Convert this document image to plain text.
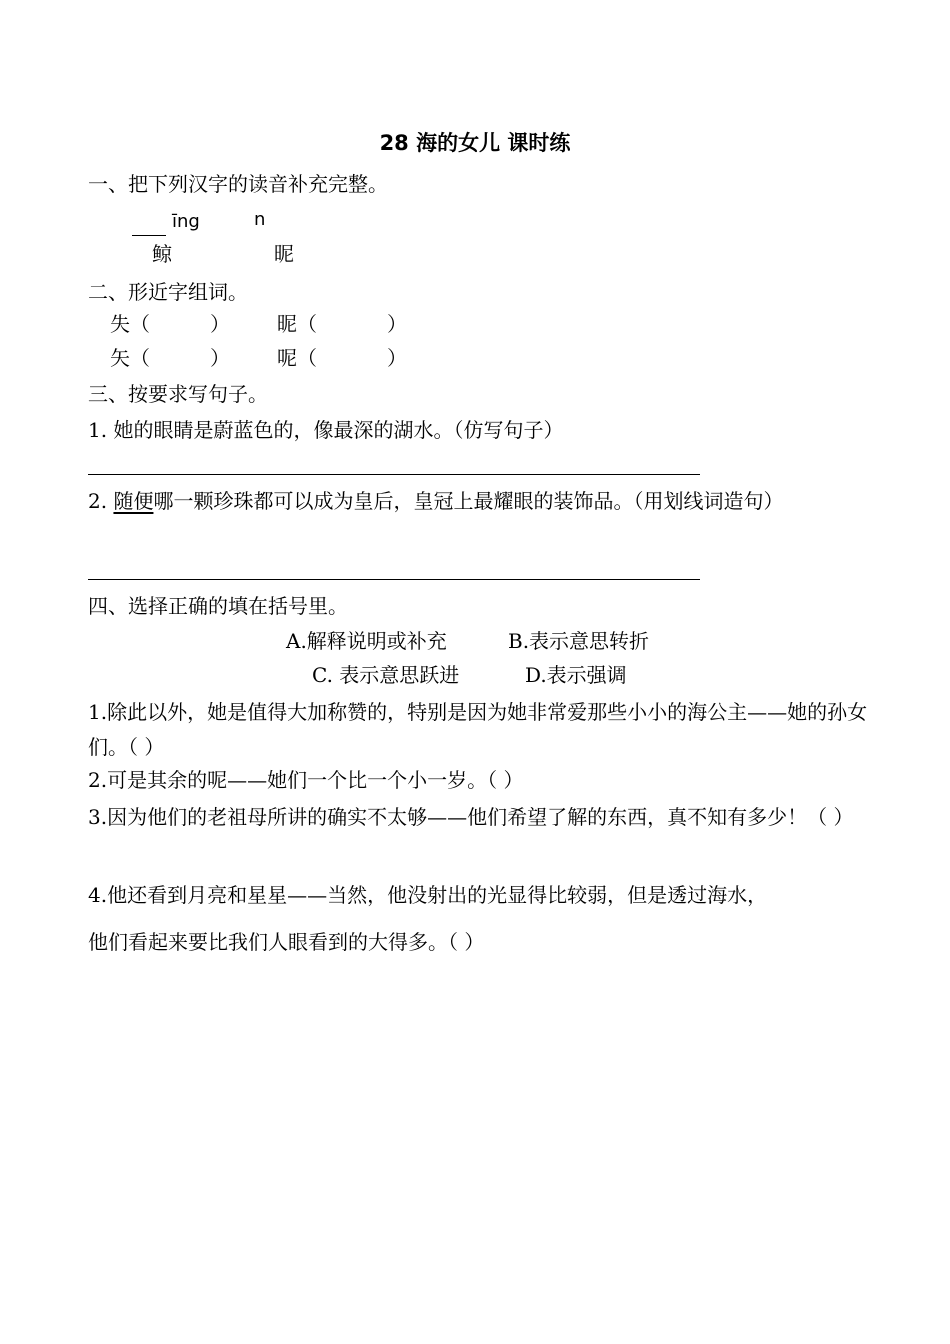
28 海的女儿 课时练
一、把下列汉字的读音补充完整。
īng	n
鲸	昵
二、形近字组词。
失（	） 昵（	）
矢（	） 呢（	）
三、按要求写句子。
1. 她的眼睛是蔚蓝色的，像最深的湖水。（仿写句子）
2. 随便哪一颗珍珠都可以成为皇后，皇冠上最耀眼的装饰品。（用划线词造句）
四、选择正确的填在括号里。
A.解释说明或补充	B.表示意思转折
C. 表示意思跃进	D.表示强调
1.除此以外，她是值得大加称赞的，特别是因为她非常爱那些小小的海公主——她的孙女们。（ ）
2.可是其余的呢——她们一个比一个小一岁。（ ）
3.因为他们的老祖母所讲的确实不太够——他们希望了解的东西，真不知有多少！（ ）
4.他还看到月亮和星星——当然，他没射出的光显得比较弱，但是透过海水，
他们看起来要比我们人眼看到的大得多。（ ）
